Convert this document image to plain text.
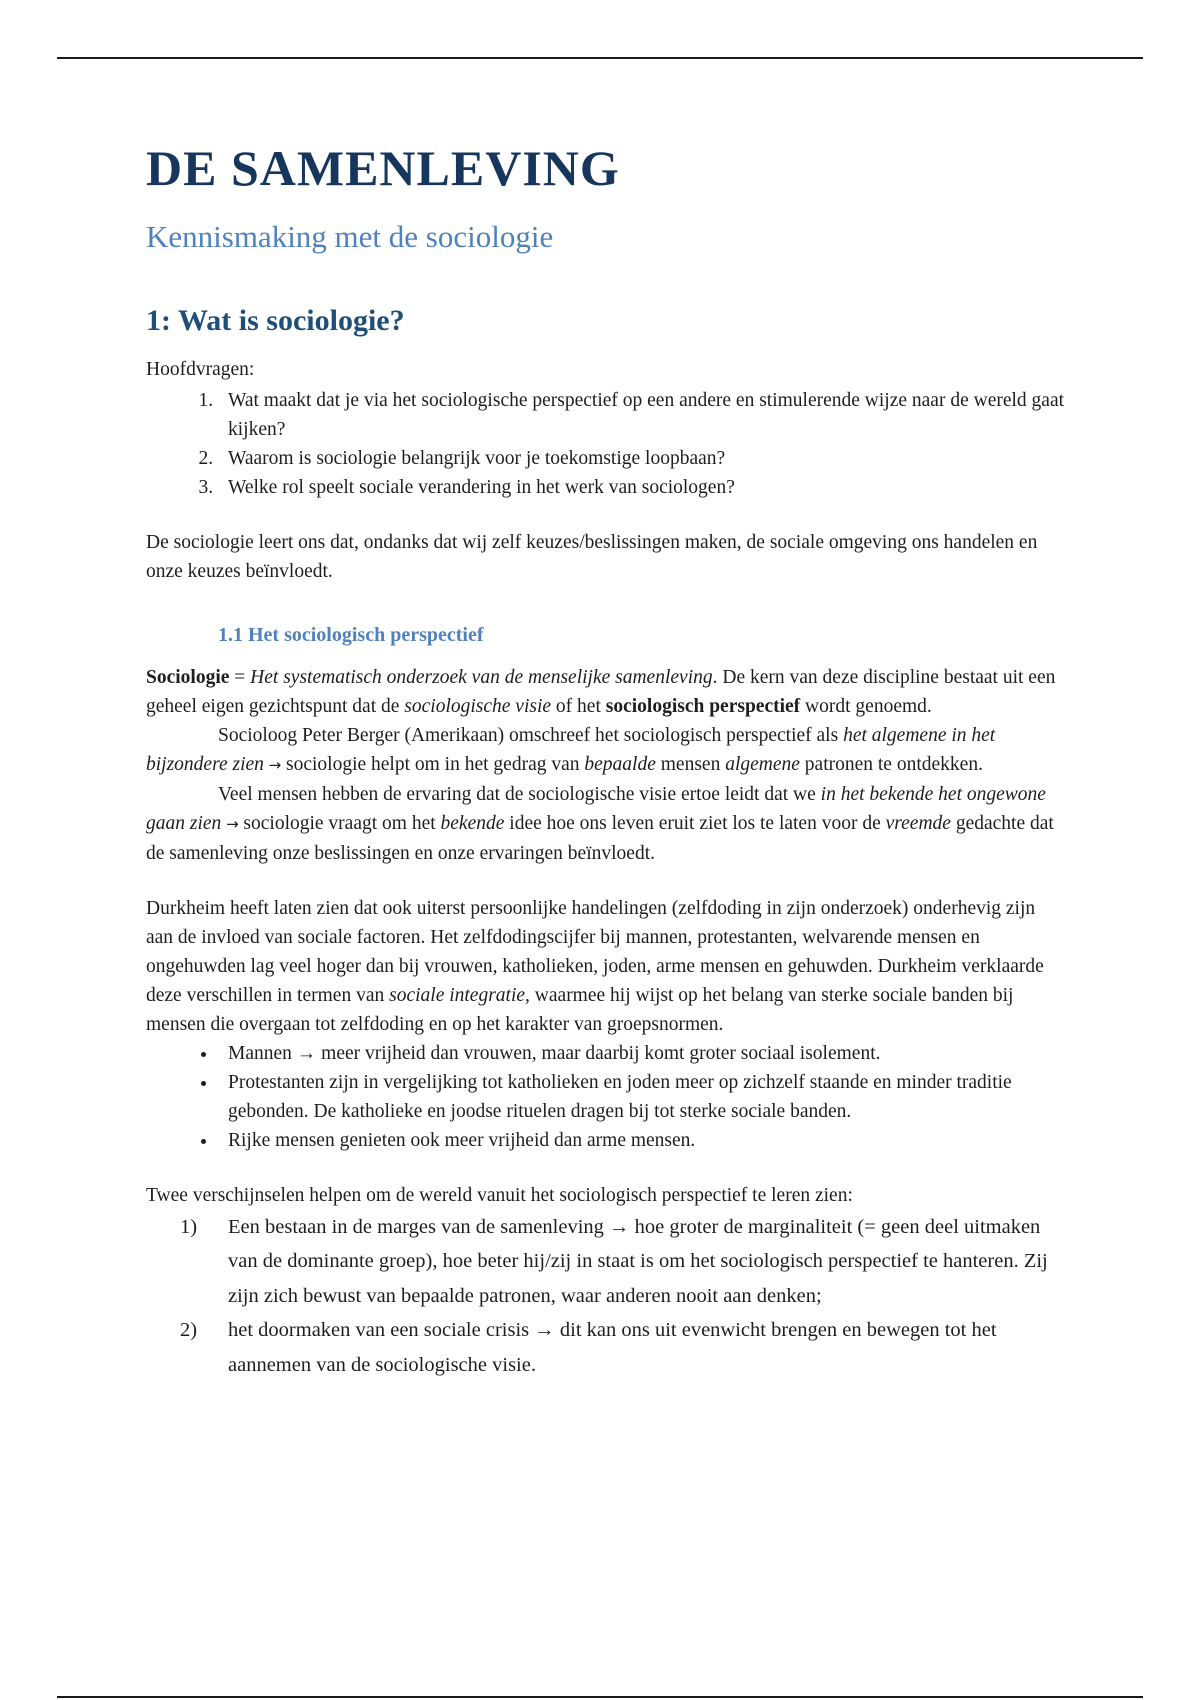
DE SAMENLEVING
Kennismaking met de sociologie
1: Wat is sociologie?

Hoofdvragen:

1. Wat maakt dat je via het sociologische perspectief op een andere en stimulerende wijze naar de wereld gaat kijken?
2. Waarom is sociologie belangrijk voor je toekomstige loopbaan?
3. Welke rol speelt sociale verandering in het werk van sociologen?

De sociologie leert ons dat, ondanks dat wij zelf keuzes/beslissingen maken, de sociale omgeving ons handelen en onze keuzes beïnvloedt.

1.1 Het sociologisch perspectief

Sociologie = Het systematisch onderzoek van de menselijke samenleving. De kern van deze discipline bestaat uit een geheel eigen gezichtspunt dat de sociologische visie of het sociologisch perspectief wordt genoemd.

Socioloog Peter Berger (Amerikaan) omschreef het sociologisch perspectief als het algemene in het bijzondere zien → sociologie helpt om in het gedrag van bepaalde mensen algemene patronen te ontdekken.

Veel mensen hebben de ervaring dat de sociologische visie ertoe leidt dat we in het bekende het ongewone gaan zien → sociologie vraagt om het bekende idee hoe ons leven eruit ziet los te laten voor de vreemde gedachte dat de samenleving onze beslissingen en onze ervaringen beïnvloedt.

Durkheim heeft laten zien dat ook uiterst persoonlijke handelingen (zelfdoding in zijn onderzoek) onderhevig zijn aan de invloed van sociale factoren. Het zelfdodingscijfer bij mannen, protestanten, welvarende mensen en ongehuwden lag veel hoger dan bij vrouwen, katholieken, joden, arme mensen en gehuwden. Durkheim verklaarde deze verschillen in termen van sociale integratie, waarmee hij wijst op het belang van sterke sociale banden bij mensen die overgaan tot zelfdoding en op het karakter van groepsnormen.

• Mannen → meer vrijheid dan vrouwen, maar daarbij komt groter sociaal isolement.
• Protestanten zijn in vergelijking tot katholieken en joden meer op zichzelf staande en minder traditie gebonden. De katholieke en joodse rituelen dragen bij tot sterke sociale banden.
• Rijke mensen genieten ook meer vrijheid dan arme mensen.

Twee verschijnselen helpen om de wereld vanuit het sociologisch perspectief te leren zien:

1) Een bestaan in de marges van de samenleving → hoe groter de marginaliteit (= geen deel uitmaken van de dominante groep), hoe beter hij/zij in staat is om het sociologisch perspectief te hanteren. Zij zijn zich bewust van bepaalde patronen, waar anderen nooit aan denken;
2) het doormaken van een sociale crisis → dit kan ons uit evenwicht brengen en bewegen tot het aannemen van de sociologische visie.
